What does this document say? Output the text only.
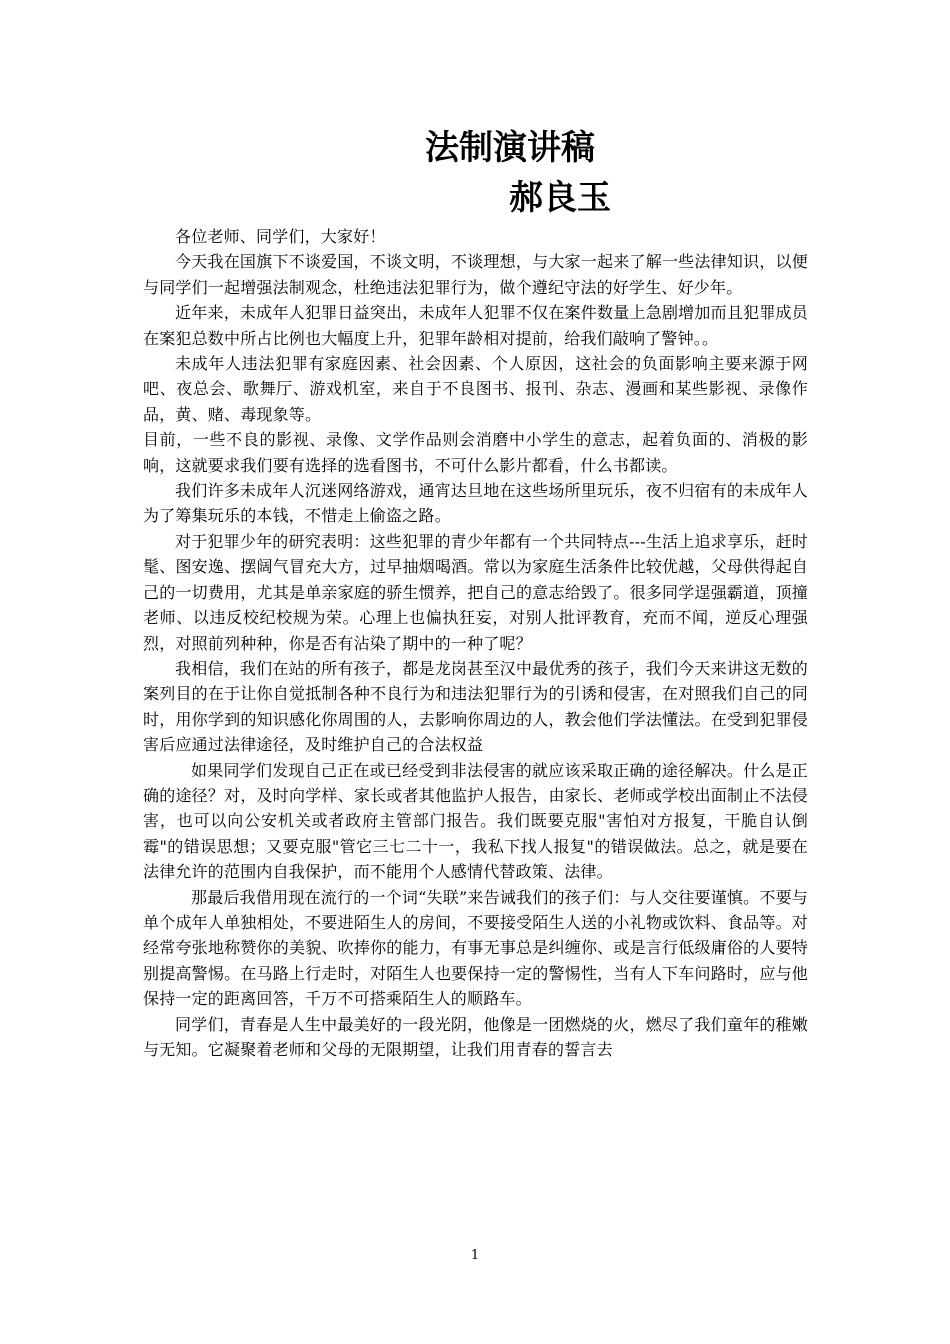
法制演讲稿
郝良玉

各位老师、同学们，大家好！

今天我在国旗下不谈爱国，不谈文明，不谈理想，与大家一起来了解一些法律知识，以便与同学们一起增强法制观念，杜绝违法犯罪行为，做个遵纪守法的好学生、好少年。

近年来，未成年人犯罪日益突出，未成年人犯罪不仅在案件数量上急剧增加而且犯罪成员在案犯总数中所占比例也大幅度上升，犯罪年龄相对提前，给我们敲响了警钟。。

未成年人违法犯罪有家庭因素、社会因素、个人原因，这社会的负面影响主要来源于网吧、夜总会、歌舞厅、游戏机室，来自于不良图书、报刊、杂志、漫画和某些影视、录像作品，黄、赌、毒现象等。

目前，一些不良的影视、录像、文学作品则会消磨中小学生的意志，起着负面的、消极的影响，这就要求我们要有选择的选看图书，不可什么影片都看，什么书都读。

我们许多未成年人沉迷网络游戏，通宵达旦地在这些场所里玩乐，夜不归宿有的未成年人为了筹集玩乐的本钱，不惜走上偷盗之路。

对于犯罪少年的研究表明：这些犯罪的青少年都有一个共同特点---生活上追求享乐，赶时髦、图安逸、摆阔气冒充大方，过早抽烟喝酒。常以为家庭生活条件比较优越，父母供得起自己的一切费用，尤其是单亲家庭的骄生惯养，把自己的意志给毁了。很多同学逞强霸道，顶撞老师、以违反校纪校规为荣。心理上也偏执狂妄，对别人批评教育，充而不闻，逆反心理强烈，对照前列种种，你是否有沾染了期中的一种了呢？

我相信，我们在站的所有孩子，都是龙岗甚至汉中最优秀的孩子，我们今天来讲这无数的案列目的在于让你自觉抵制各种不良行为和违法犯罪行为的引诱和侵害，在对照我们自己的同时，用你学到的知识感化你周围的人，去影响你周边的人，教会他们学法懂法。在受到犯罪侵害后应通过法律途径，及时维护自己的合法权益

如果同学们发现自己正在或已经受到非法侵害的就应该采取正确的途径解决。什么是正确的途径？对，及时向学样、家长或者其他监护人报告，由家长、老师或学校出面制止不法侵害，也可以向公安机关或者政府主管部门报告。我们既要克服"害怕对方报复，干脆自认倒霉"的错误思想；又要克服"管它三七二十一，我私下找人报复"的错误做法。总之，就是要在法律允许的范围内自我保护，而不能用个人感情代替政策、法律。

那最后我借用现在流行的一个词“失联”来告诫我们的孩子们：与人交往要谨慎。不要与单个成年人单独相处，不要进陌生人的房间，不要接受陌生人送的小礼物或饮料、食品等。对经常夸张地称赞你的美貌、吹捧你的能力，有事无事总是纠缠你、或是言行低级庸俗的人要特别提高警惕。在马路上行走时，对陌生人也要保持一定的警惕性，当有人下车问路时，应与他保持一定的距离回答，千万不可搭乘陌生人的顺路车。

同学们，青春是人生中最美好的一段光阴，他像是一团燃烧的火，燃尽了我们童年的稚嫩与无知。它凝聚着老师和父母的无限期望，让我们用青春的誓言去

1
